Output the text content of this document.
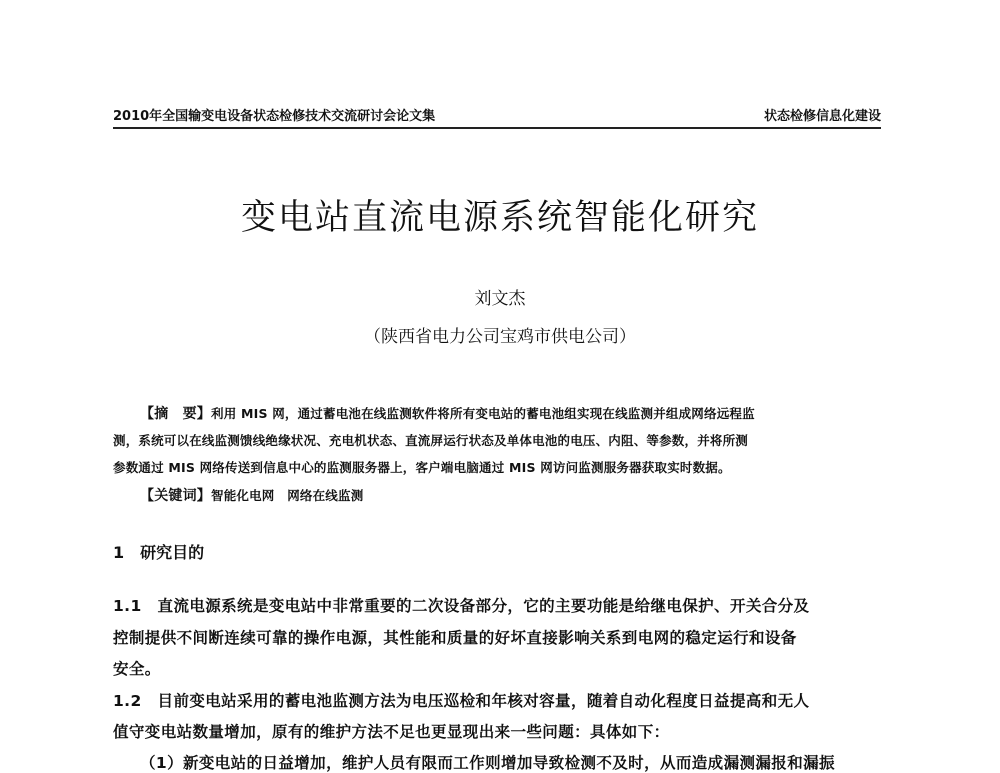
2010年全国输变电设备状态检修技术交流研讨会论文集	状态检修信息化建设
变电站直流电源系统智能化研究
刘文杰
（陕西省电力公司宝鸡市供电公司）
【摘　要】利用 MIS 网，通过蓄电池在线监测软件将所有变电站的蓄电池组实现在线监测并组成网络远程监
测，系统可以在线监测馈线绝缘状况、充电机状态、直流屏运行状态及单体电池的电压、内阻、等参数，并将所测
参数通过 MIS 网络传送到信息中心的监测服务器上，客户端电脑通过 MIS 网访问监测服务器获取实时数据。
【关键词】智能化电网　网络在线监测
1　研究目的
1.1　直流电源系统是变电站中非常重要的二次设备部分，它的主要功能是给继电保护、开关合分及
控制提供不间断连续可靠的操作电源，其性能和质量的好坏直接影响关系到电网的稳定运行和设备
安全。
1.2　目前变电站采用的蓄电池监测方法为电压巡检和年核对容量，随着自动化程度日益提高和无人
值守变电站数量增加，原有的维护方法不足也更显现出来一些问题：具体如下：
（1）新变电站的日益增加，维护人员有限而工作则增加导致检测不及时，从而造成漏测漏报和漏振
